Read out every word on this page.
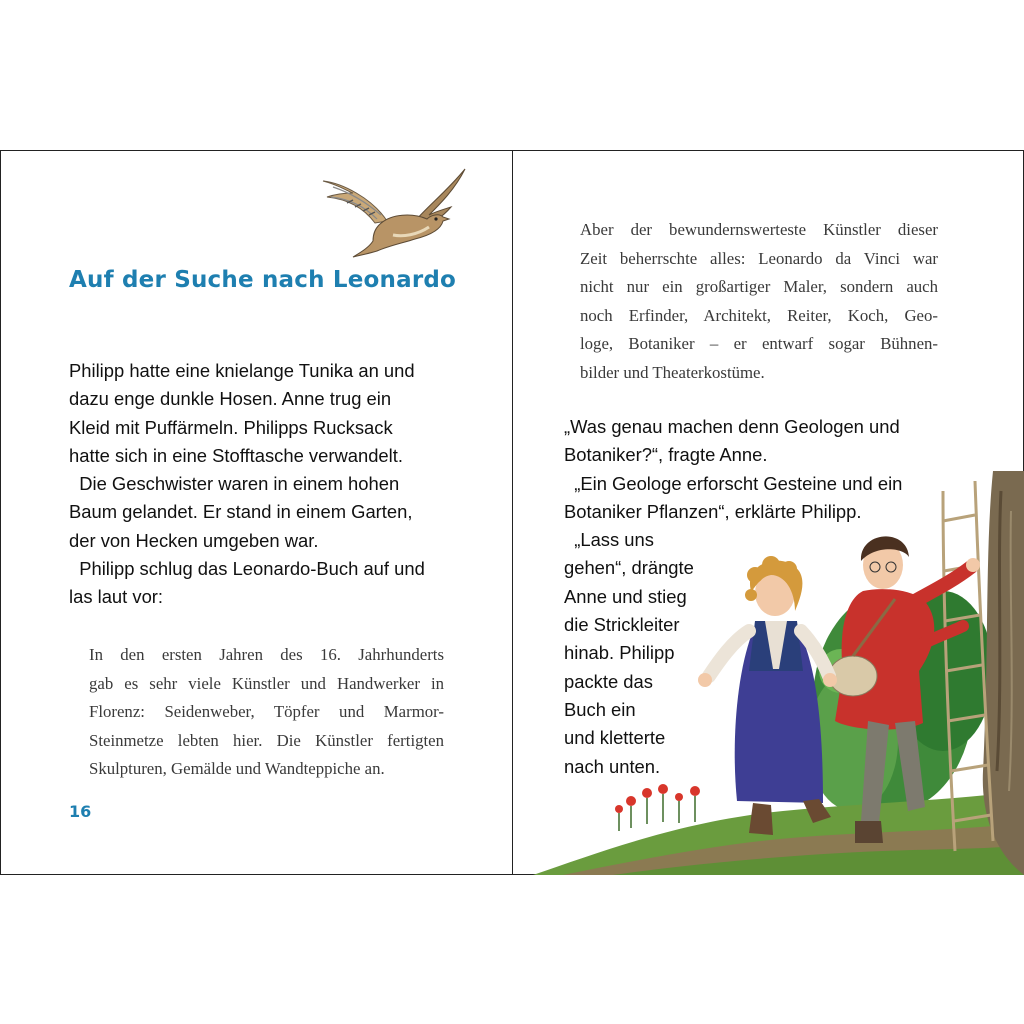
Auf der Suche nach Leonardo
Philipp hatte eine knielange Tunika an und
dazu enge dunkle Hosen. Anne trug ein
Kleid mit Puffärmeln. Philipps Rucksack
hatte sich in eine Stofftasche verwandelt.
Die Geschwister waren in einem hohen
Baum gelandet. Er stand in einem Garten,
der von Hecken umgeben war.
Philipp schlug das Leonardo-Buch auf und
las laut vor:
In den ersten Jahren des 16. Jahrhunderts
gab es sehr viele Künstler und Handwerker in
Florenz: Seidenweber, Töpfer und Marmor-
Steinmetze lebten hier. Die Künstler fertigten
Skulpturen, Gemälde und Wandteppiche an.
16
Aber der bewundernswerteste Künstler dieser
Zeit beherrschte alles: Leonardo da Vinci war
nicht nur ein großartiger Maler, sondern auch
noch Erfinder, Architekt, Reiter, Koch, Geo-
loge, Botaniker – er entwarf sogar Bühnen-
bilder und Theaterkostüme.
„Was genau machen denn Geologen und
Botaniker?“, fragte Anne.
„Ein Geologe erforscht Gesteine und ein
Botaniker Pflanzen“, erklärte Philipp.
„Lass uns
gehen“, drängte
Anne und stieg
die Strickleiter
hinab. Philipp
packte das
Buch ein
und kletterte
nach unten.
